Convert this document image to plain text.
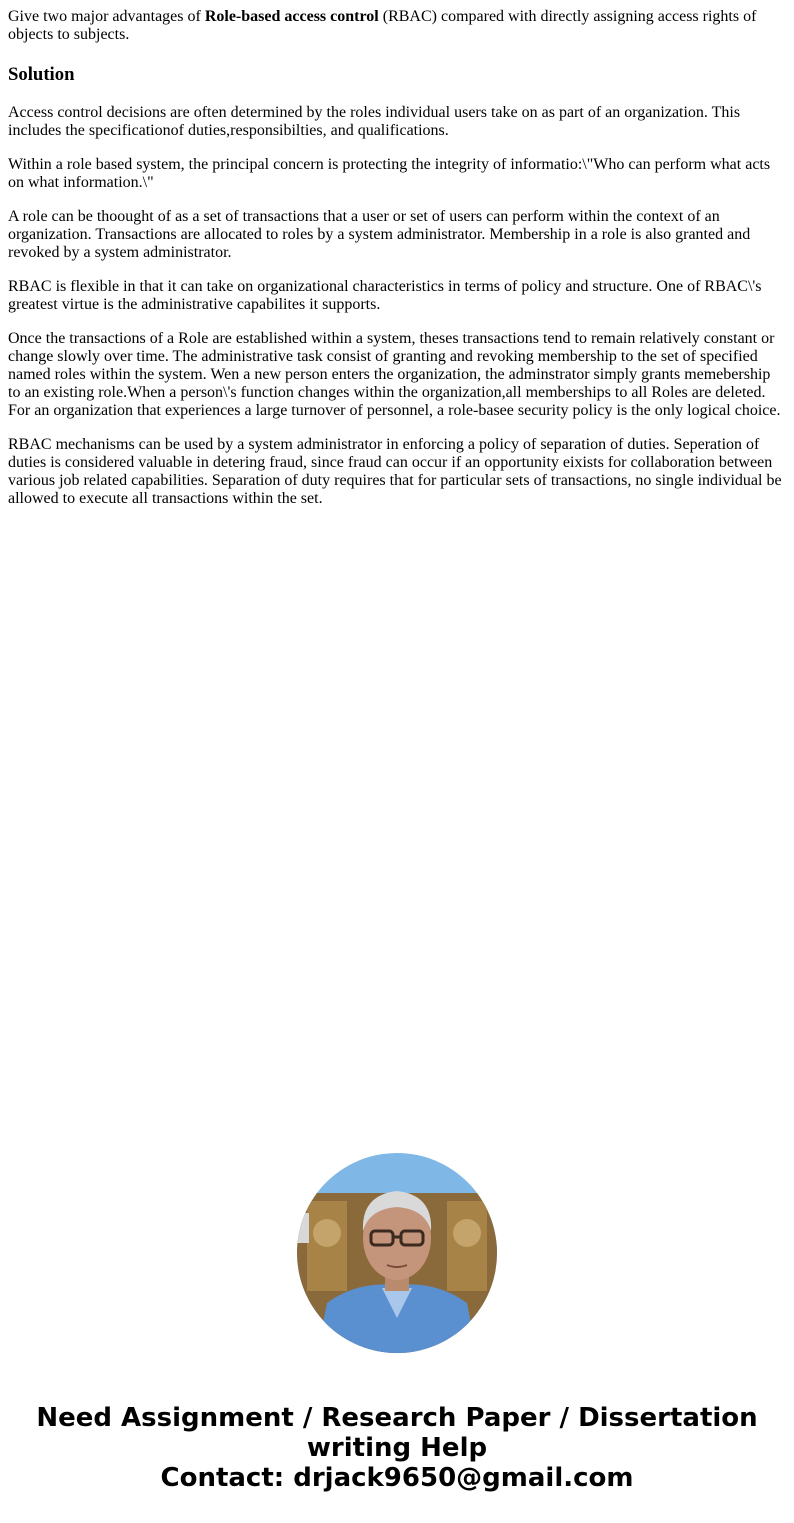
Give two major advantages of Role-based access control (RBAC) compared with directly assigning access rights of objects to subjects.
Solution

Access control decisions are often determined by the roles individual users take on as part of an organization. This includes the specificationof duties,responsibilties, and qualifications.

Within a role based system, the principal concern is protecting the integrity of informatio:\"Who can perform what acts on what information.\"

A role can be thoought of as a set of transactions that a user or set of users can perform within the context of an organization. Transactions are allocated to roles by a system administrator. Membership in a role is also granted and revoked by a system administrator.

RBAC is flexible in that it can take on organizational characteristics in terms of policy and structure. One of RBAC\'s greatest virtue is the administrative capabilites it supports.

Once the transactions of a Role are established within a system, theses transactions tend to remain relatively constant or change slowly over time. The administrative task consist of granting and revoking membership to the set of specified named roles within the system. Wen a new person enters the organization, the adminstrator simply grants memebership to an existing role.When a person\'s function changes within the organization,all memberships to all Roles are deleted. For an organization that experiences a large turnover of personnel, a role-basee security policy is the only logical choice.

RBAC mechanisms can be used by a system administrator in enforcing a policy of separation of duties. Seperation of duties is considered valuable in detering fraud, since fraud can occur if an opportunity eixists for collaboration between various job related capabilities. Separation of duty requires that for particular sets of transactions, no single individual be allowed to execute all transactions within the set.

Need Assignment / Research Paper / Dissertation
writing Help
Contact: drjack9650@gmail.com
